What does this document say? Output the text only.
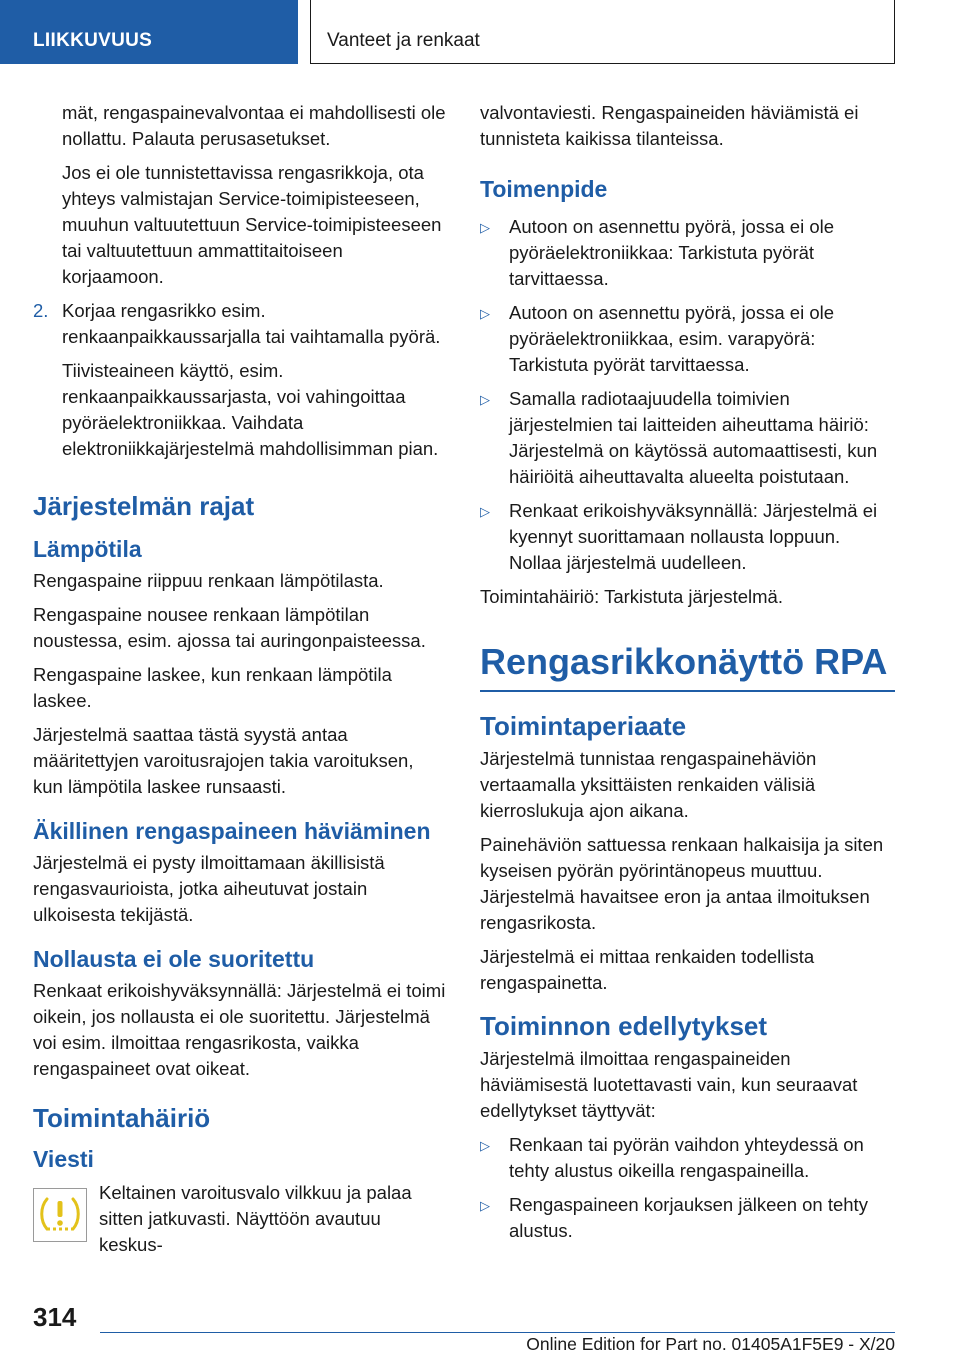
LIIKKUVUUS	Vanteet ja renkaat

mät, rengaspainevalvontaa ei mahdollisesti ole nollattu. Palauta perusasetukset.

Jos ei ole tunnistettavissa rengasrikkoja, ota yhteys valmistajan Service-toimipisteeseen, muuhun valtuutettuun Service-toimipisteeseen tai valtuutettuun ammattitaitoiseen korjaamoon.

2. Korjaa rengasrikko esim. renkaanpaikkaussarjalla tai vaihtamalla pyörä.

Tiivisteaineen käyttö, esim. renkaanpaikkaussarjasta, voi vahingoittaa pyöräelektroniikkaa. Vaihdata elektroniikkajärjestelmä mahdollisimman pian.

Järjestelmän rajat
Lämpötila

Rengaspaine riippuu renkaan lämpötilasta.

Rengaspaine nousee renkaan lämpötilan noustessa, esim. ajossa tai auringonpaisteessa.

Rengaspaine laskee, kun renkaan lämpötila laskee.

Järjestelmä saattaa tästä syystä antaa määritettyjen varoitusrajojen takia varoituksen, kun lämpötila laskee runsaasti.

Äkillinen rengaspaineen häviäminen

Järjestelmä ei pysty ilmoittamaan äkillisistä rengasvaurioista, jotka aiheutuvat jostain ulkoisesta tekijästä.

Nollausta ei ole suoritettu

Renkaat erikoishyväksynnällä: Järjestelmä ei toimi oikein, jos nollausta ei ole suoritettu. Järjestelmä voi esim. ilmoittaa rengasrikosta, vaikka rengaspaineet ovat oikeat.

Toimintahäiriö
Viesti

Keltainen varoitusvalo vilkkuu ja palaa sitten jatkuvasti. Näyttöön avautuu keskus-

valvontaviesti. Rengaspaineiden häviämistä ei tunnisteta kaikissa tilanteissa.

Toimenpide
▷	Autoon on asennettu pyörä, jossa ei ole pyöräelektroniikkaa: Tarkistuta pyörät tarvittaessa.
▷	Autoon on asennettu pyörä, jossa ei ole pyöräelektroniikkaa, esim. varapyörä: Tarkistuta pyörät tarvittaessa.
▷	Samalla radiotaajuudella toimivien järjestelmien tai laitteiden aiheuttama häiriö: Järjestelmä on käytössä automaattisesti, kun häiriöitä aiheuttavalta alueelta poistutaan.
▷	Renkaat erikoishyväksynnällä: Järjestelmä ei kyennyt suorittamaan nollausta loppuun. Nollaa järjestelmä uudelleen.

Toimintahäiriö: Tarkistuta järjestelmä.

Rengasrikkonäyttö RPA
Toimintaperiaate

Järjestelmä tunnistaa rengaspainehäviön vertaamalla yksittäisten renkaiden välisiä kierroslukuja ajon aikana.

Painehäviön sattuessa renkaan halkaisija ja siten kyseisen pyörän pyörintänopeus muuttuu. Järjestelmä havaitsee eron ja antaa ilmoituksen rengasrikosta.

Järjestelmä ei mittaa renkaiden todellista rengaspainetta.

Toiminnon edellytykset

Järjestelmä ilmoittaa rengaspaineiden häviämisestä luotettavasti vain, kun seuraavat edellytykset täyttyvät:

▷	Renkaan tai pyörän vaihdon yhteydessä on tehty alustus oikeilla rengaspaineilla.
▷	Rengaspaineen korjauksen jälkeen on tehty alustus.
314
Online Edition for Part no. 01405A1F5E9 - X/20
